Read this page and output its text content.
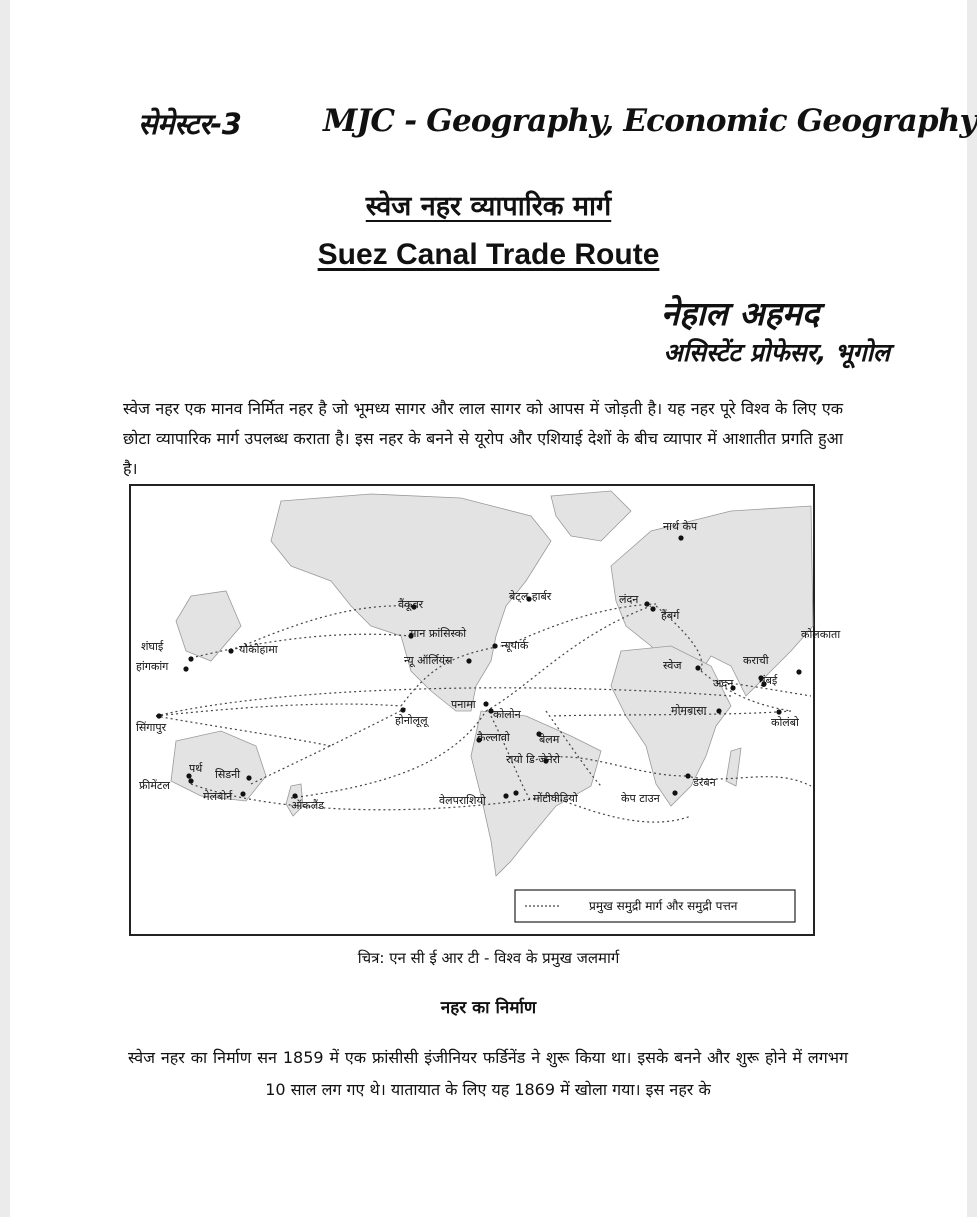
सेमेस्टर-3	MJC - Geography, Economic Geography
स्वेज नहर व्यापारिक मार्ग
Suez Canal Trade Route
नेहाल अहमद
असिस्टेंट प्रोफेसर, भूगोल
स्वेज नहर एक मानव निर्मित नहर है जो भूमध्य सागर और लाल सागर को आपस में जोड़ती है। यह नहर पूरे विश्व के लिए एक छोटा व्यापारिक मार्ग उपलब्ध कराता है। इस नहर के बनने से यूरोप और एशियाई देशों के बीच व्यापार में आशातीत प्रगति हुआ है।
प्रमुख समुद्री मार्ग और समुद्री पत्तन
नार्थ केप
बेट्ल हार्बर	लंदन
हैंबर्ग
वैंकूवर
सान फ्रांसिस्को
न्यूयार्क
न्यू ऑर्लियंस
शंघाई
हांगकांग
योकोहामा
स्वेज
अदन
कराची
मुंबई
कोलकाता
सिंगापुर
पनामा
कोलोन
होनोलूलू
मोमबासा
कोलंबो
कैल्लावो	बेलम
रायो डि जेनेरो
पर्थ सिडनी
फ्रीमेंटल
मेलबोर्न
ऑकलैंड	वेलपराशियो	मोंटीवीडियो	केप टाउन
डरबन
चित्र: एन सी ई आर टी - विश्व के प्रमुख जलमार्ग
नहर का निर्माण
स्वेज नहर का निर्माण सन 1859 में एक फ्रांसीसी इंजीनियर फर्डिनेंड ने शुरू किया था। इसके बनने और शुरू होने में लगभग 10 साल लग गए थे। यातायात के लिए यह 1869 में खोला गया। इस नहर के
